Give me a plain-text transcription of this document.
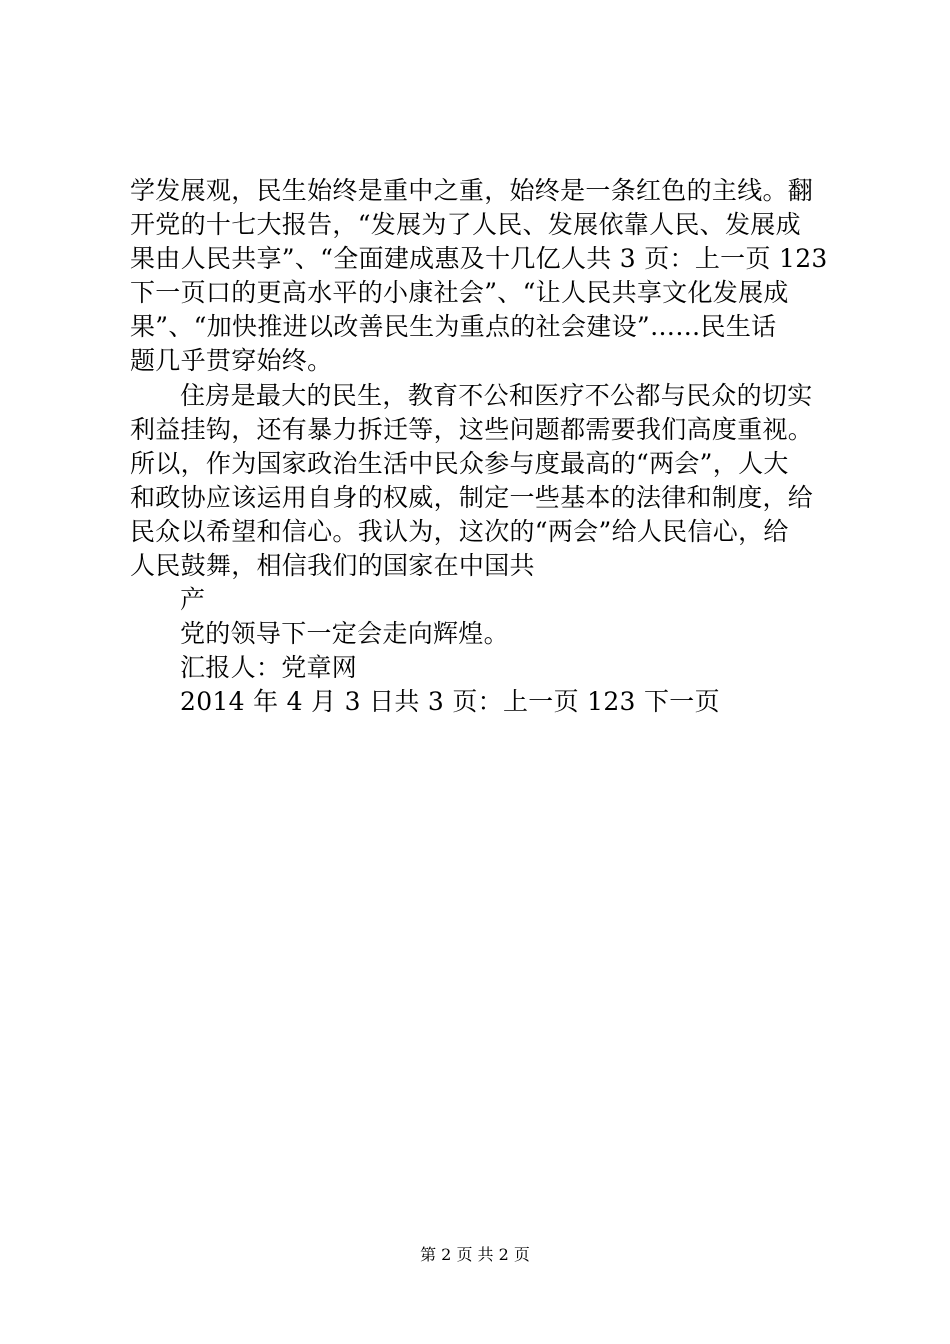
学发展观，民生始终是重中之重，始终是一条红色的主线。翻
开党的十七大报告，“发展为了人民、发展依靠人民、发展成
果由人民共享”、“全面建成惠及十几亿人共 3 页：上一页 123
下一页口的更高水平的小康社会”、“让人民共享文化发展成
果”、“加快推进以改善民生为重点的社会建设”……民生话
题几乎贯穿始终。
住房是最大的民生，教育不公和医疗不公都与民众的切实
利益挂钩，还有暴力拆迁等，这些问题都需要我们高度重视。
所以，作为国家政治生活中民众参与度最高的“两会”，人大
和政协应该运用自身的权威，制定一些基本的法律和制度，给
民众以希望和信心。我认为，这次的“两会”给人民信心，给
人民鼓舞，相信我们的国家在中国共
产
党的领导下一定会走向辉煌。
汇报人：党章网
2014 年 4 月 3 日共 3 页：上一页 123 下一页
第 2 页 共 2 页
